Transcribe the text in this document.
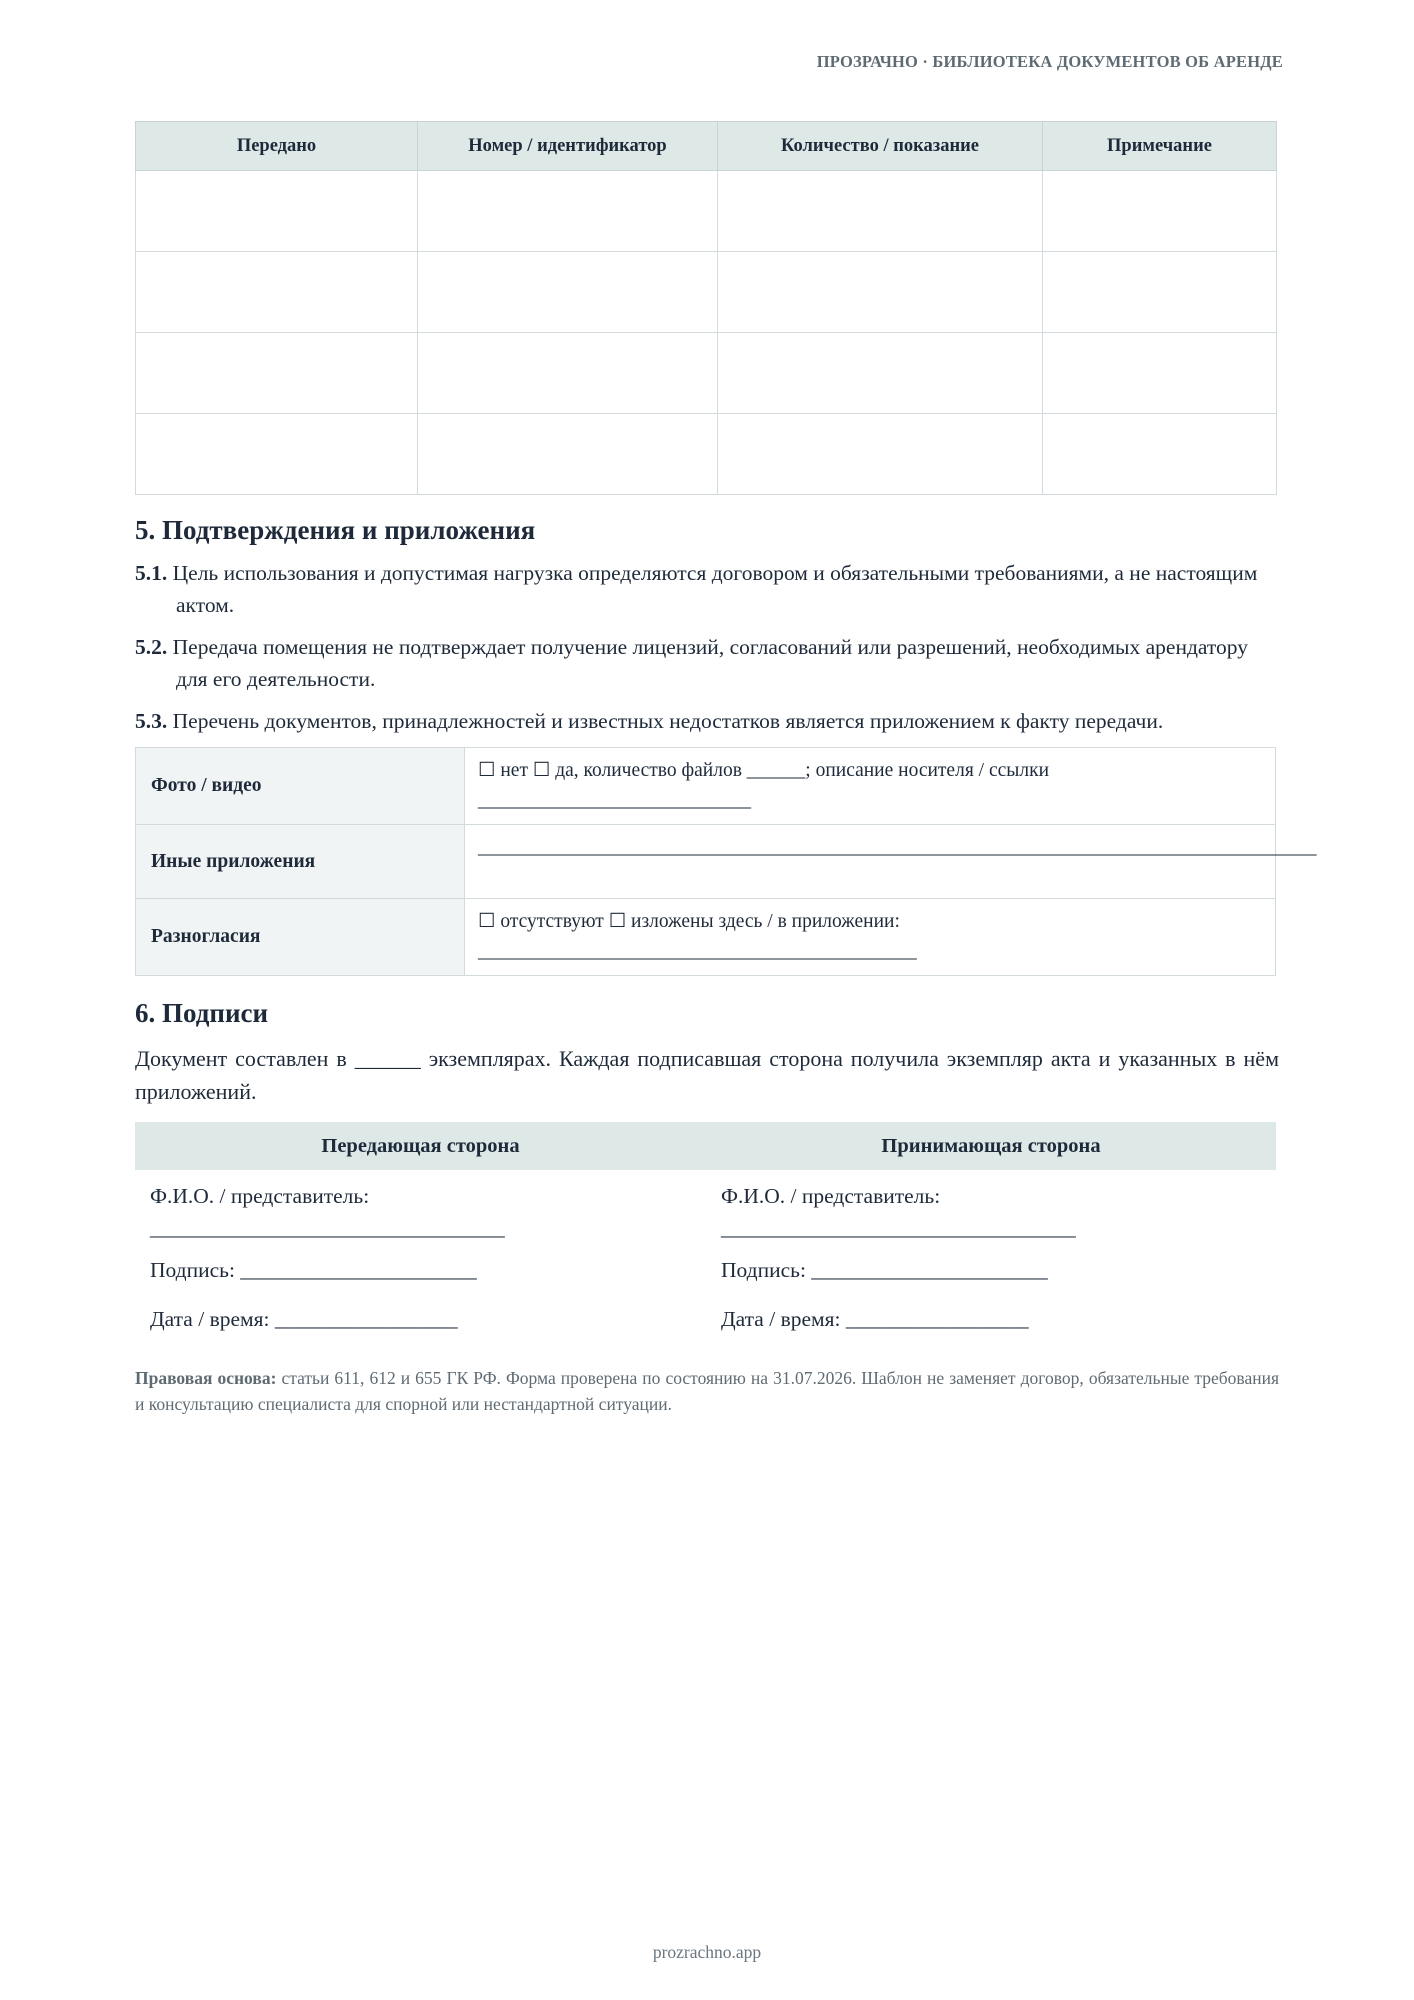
ПРОЗРАЧНО · БИБЛИОТЕКА ДОКУМЕНТОВ ОБ АРЕНДЕ
Передано	Номер / идентификатор	Количество / показание	Примечание

5. Подтверждения и приложения
5.1. Цель использования и допустимая нагрузка определяются договором и обязательными требованиями, а не настоящим актом.
5.2. Передача помещения не подтверждает получение лицензий, согласований или разрешений, необходимых арендатору для его деятельности.
5.3. Перечень документов, принадлежностей и известных недостатков является приложением к факту передачи.
Фото / видео	☐ нет ☐ да, количество файлов ______; описание носителя / ссылки ____________________________
Иные приложения	______________________________________________________________________________________
Разногласия	☐ отсутствуют ☐ изложены здесь / в приложении: _____________________________________________
6. Подписи
Документ составлен в ______ экземплярах. Каждая подписавшая сторона получила экземпляр акта и указанных в нём приложений.
Передающая сторона	Принимающая сторона
Ф.И.О. / представитель: _________________________________
Подпись: ______________________
Дата / время: _________________
Ф.И.О. / представитель: _________________________________
Подпись: ______________________
Дата / время: _________________
Правовая основа: статьи 611, 612 и 655 ГК РФ. Форма проверена по состоянию на 31.07.2026. Шаблон не заменяет договор, обязательные требования и консультацию специалиста для спорной или нестандартной ситуации.
prozrachno.app
